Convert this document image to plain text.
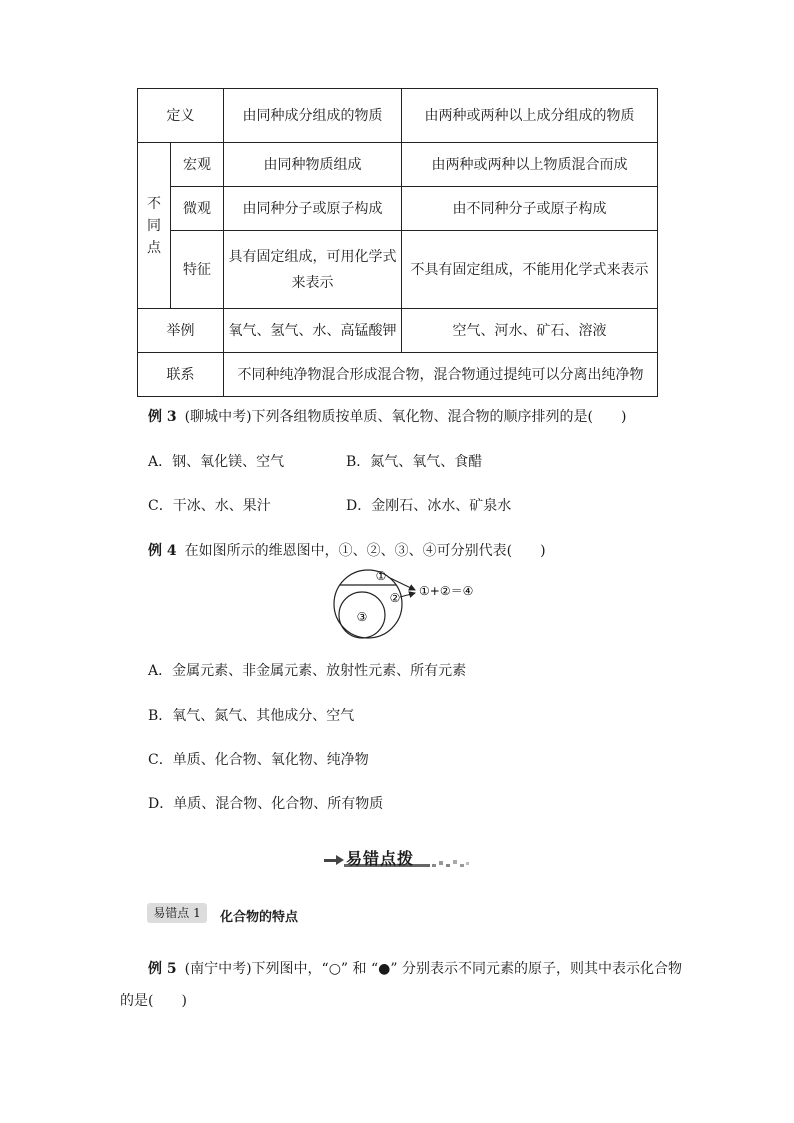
定义		由同种成分组成的物质	由两种或两种以上成分组成的物质

不
同
点	宏观	由同种物质组成	由两种或两种以上物质混合而成
	微观	由同种分子或原子构成	由不同种分子或原子构成
	特征	具有固定组成，可用化学式
来表示	不具有固定组成，不能用化学式来表示
举例		氧气、氢气、水、高锰酸钾	空气、河水、矿石、溶液
联系		不同种纯净物混合形成混合物，混合物通过提纯可以分离出纯净物	
例 3 (聊城中考)下列各组物质按单质、氧化物、混合物的顺序排列的是(　　)
A．钢、氧化镁、空气	B．氮气、氧气、食醋
C．干冰、水、果汁	D．金刚石、冰水、矿泉水
例 4 在如图所示的维恩图中，①、②、③、④可分别代表(　　)
①
②
③
①+②＝④
A．金属元素、非金属元素、放射性元素、所有元素
B．氧气、氮气、其他成分、空气
C．单质、化合物、氧化物、纯净物
D．单质、混合物、化合物、所有物质
易错点拨
易错点 1	化合物的特点
例 5 (南宁中考)下列图中，“○” 和 “●” 分别表示不同元素的原子，则其中表示化合物
的是(　　)
